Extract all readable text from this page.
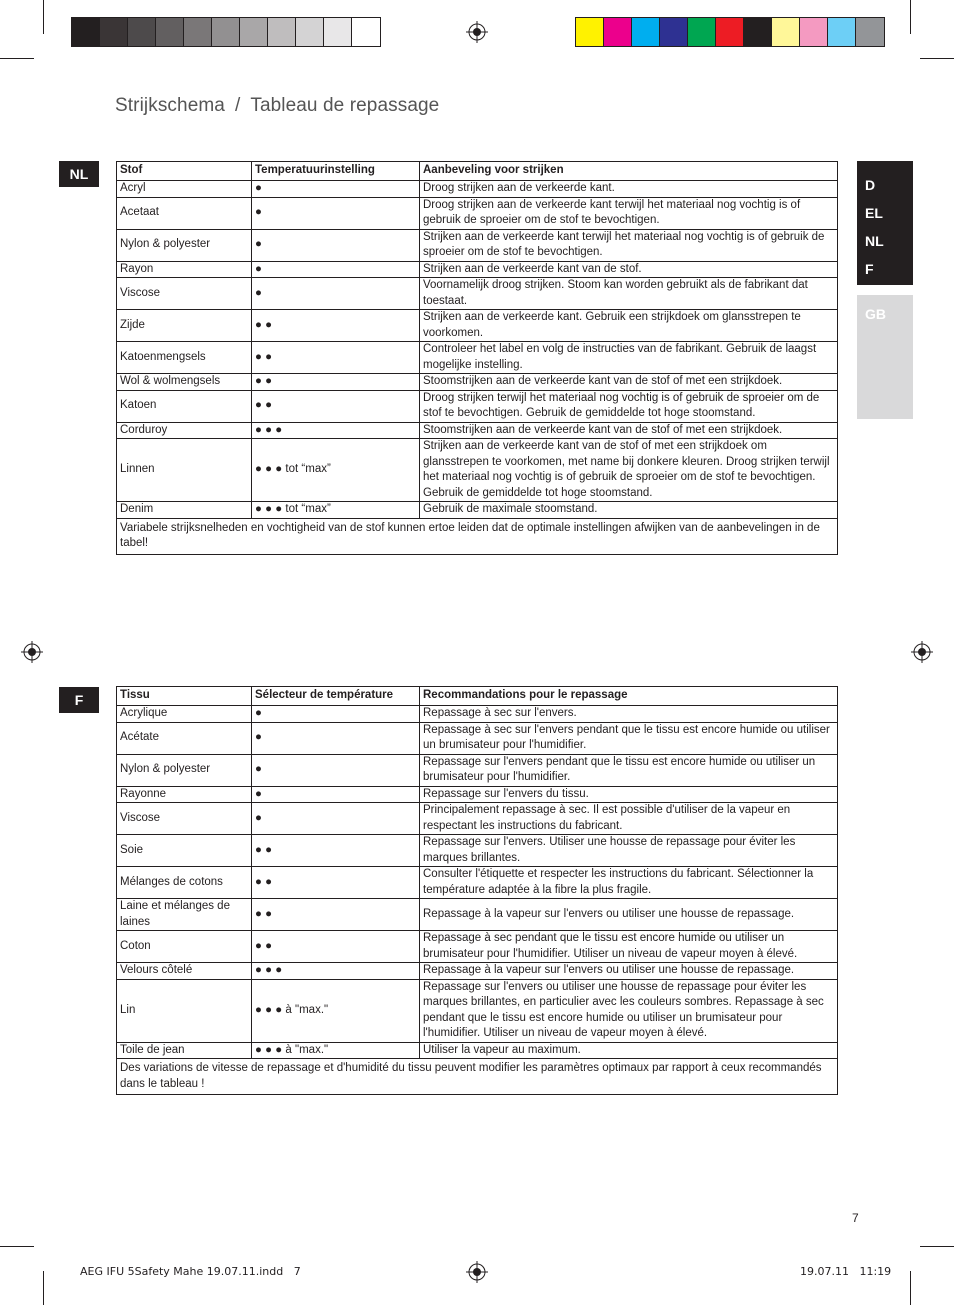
Strijkschema / Tableau de repassage
D
EL
NL
F
GB
NL	Stof	Temperatuurinstelling	Aanbeveling voor strijken
Acryl	●	Droog strijken aan de verkeerde kant.
Acetaat	●	Droog strijken aan de verkeerde kant terwijl het materiaal nog vochtig is of gebruik de sproeier om de stof te bevochtigen.
Nylon & polyester	●	Strijken aan de verkeerde kant terwijl het materiaal nog vochtig is of gebruik de sproeier om de stof te bevochtigen.
Rayon	●	Strijken aan de verkeerde kant van de stof.
Viscose	●	Voornamelijk droog strijken. Stoom kan worden gebruikt als de fabrikant dat toestaat.
Zijde	● ●	Strijken aan de verkeerde kant. Gebruik een strijkdoek om glansstrepen te voorkomen.
Katoenmengsels	● ●	Controleer het label en volg de instructies van de fabrikant. Gebruik de laagst mogelijke instelling.
Wol & wolmengsels	● ●	Stoomstrijken aan de verkeerde kant van de stof of met een strijkdoek.
Katoen	● ●	Droog strijken terwijl het materiaal nog vochtig is of gebruik de sproeier om de stof te bevochtigen. Gebruik de gemiddelde tot hoge stoomstand.
Corduroy	● ● ●	Stoomstrijken aan de verkeerde kant van de stof of met een strijkdoek.
Linnen	● ● ● tot “max”	Strijken aan de verkeerde kant van de stof of met een strijkdoek om glansstrepen te voorkomen, met name bij donkere kleuren. Droog strijken terwijl het materiaal nog vochtig is of gebruik de sproeier om de stof te bevochtigen. Gebruik de gemiddelde tot hoge stoomstand.
Denim	● ● ● tot “max”	Gebruik de maximale stoomstand.
Variabele strijksnelheden en vochtigheid van de stof kunnen ertoe leiden dat de optimale instellingen afwijken van de aanbevelingen in de tabel!		
F	Tissu	Sélecteur de température	Recommandations pour le repassage
Acrylique	●	Repassage à sec sur l'envers.
Acétate	●	Repassage à sec sur l'envers pendant que le tissu est encore humide ou utiliser un brumisateur pour l'humidifier.
Nylon & polyester	●	Repassage sur l'envers pendant que le tissu est encore humide ou utiliser un brumisateur pour l'humidifier.
Rayonne	●	Repassage sur l'envers du tissu.
Viscose	●	Principalement repassage à sec. Il est possible d'utiliser de la vapeur en respectant les instructions du fabricant.
Soie	● ●	Repassage sur l'envers. Utiliser une housse de repassage pour éviter les marques brillantes.
Mélanges de cotons	● ●	Consulter l'étiquette et respecter les instructions du fabricant. Sélectionner la température adaptée à la fibre la plus fragile.
Laine et mélanges de laines	● ●	Repassage à la vapeur sur l'envers ou utiliser une housse de repassage.
Coton	● ●	Repassage à sec pendant que le tissu est encore humide ou utiliser un brumisateur pour l'humidifier. Utiliser un niveau de vapeur moyen à élevé.
Velours côtelé	● ● ●	Repassage à la vapeur sur l'envers ou utiliser une housse de repassage.
Lin	● ● ● à "max."	Repassage sur l'envers ou utiliser une housse de repassage pour éviter les marques brillantes, en particulier avec les couleurs sombres. Repassage à sec pendant que le tissu est encore humide ou utiliser un brumisateur pour l'humidifier. Utiliser un niveau de vapeur moyen à élevé.
Toile de jean	● ● ● à "max."	Utiliser la vapeur au maximum.
Des variations de vitesse de repassage et d'humidité du tissu peuvent modifier les paramètres optimaux par rapport à ceux recommandés dans le tableau !		
7
AEG IFU 5Safety Mahe 19.07.11.indd   7	19.07.11   11:19
